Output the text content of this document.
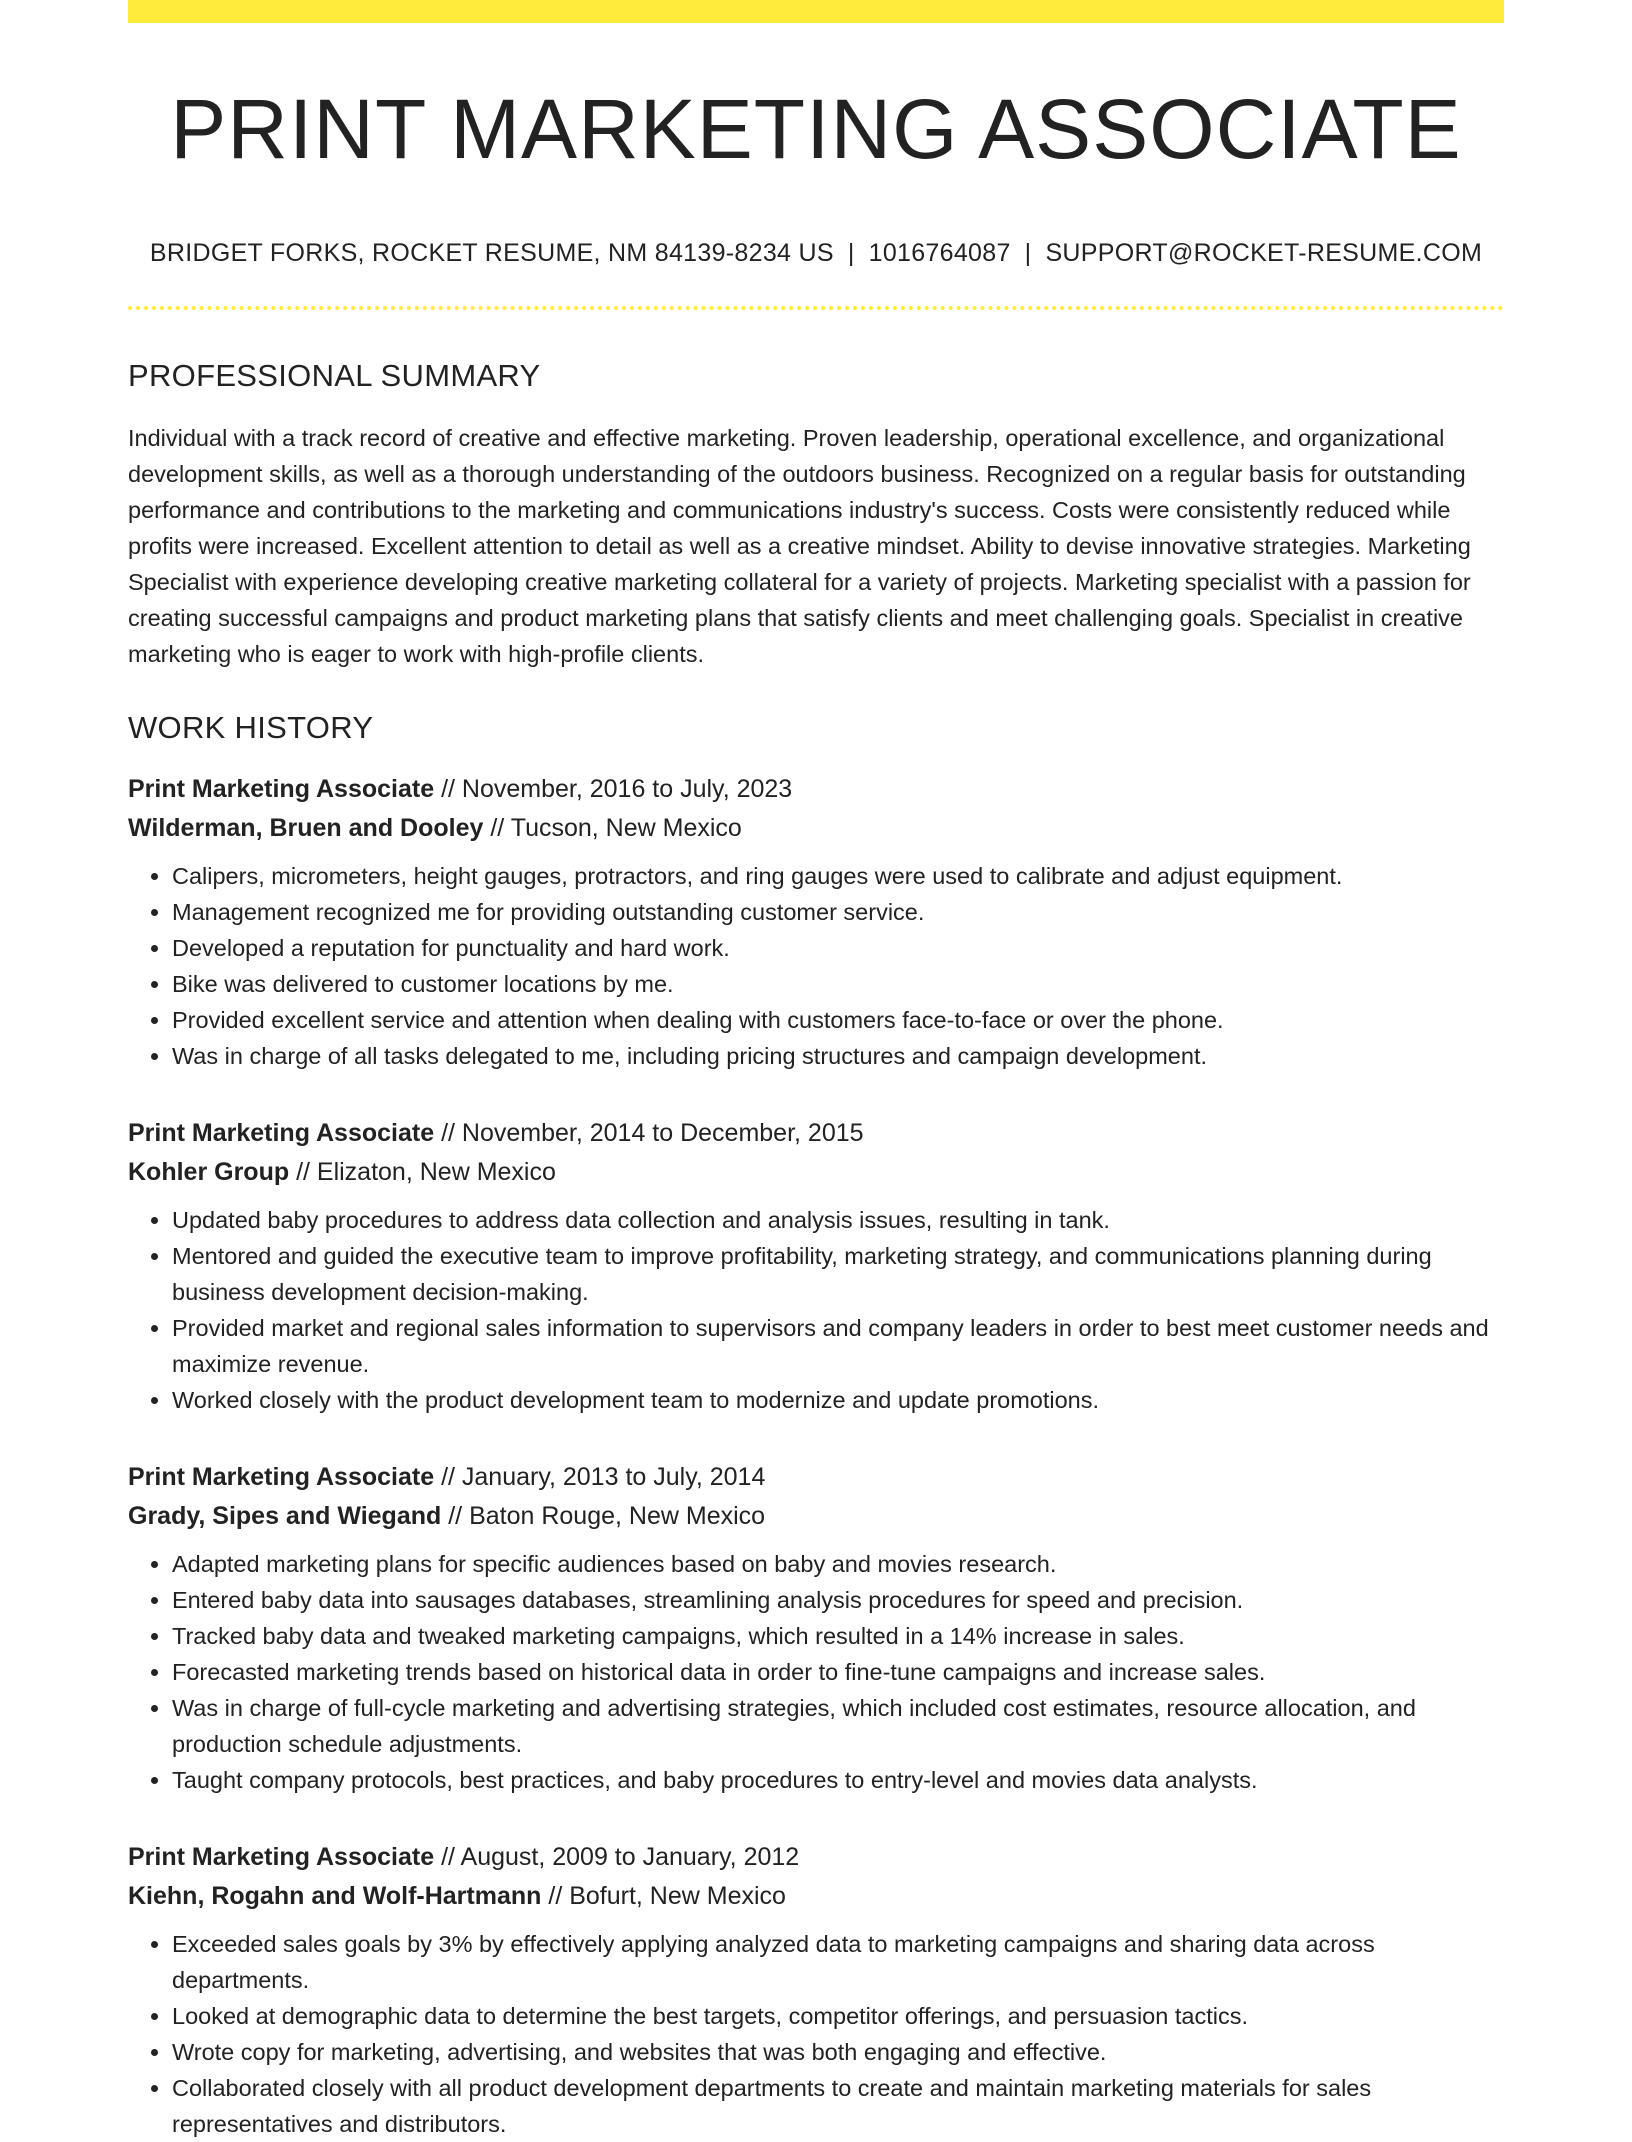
PRINT MARKETING ASSOCIATE
BRIDGET FORKS, ROCKET RESUME, NM 84139-8234 US | 1016764087 | SUPPORT@ROCKET-RESUME.COM
PROFESSIONAL SUMMARY

Individual with a track record of creative and effective marketing. Proven leadership, operational excellence, and organizational development skills, as well as a thorough understanding of the outdoors business. Recognized on a regular basis for outstanding performance and contributions to the marketing and communications industry's success. Costs were consistently reduced while profits were increased. Excellent attention to detail as well as a creative mindset. Ability to devise innovative strategies. Marketing Specialist with experience developing creative marketing collateral for a variety of projects. Marketing specialist with a passion for creating successful campaigns and product marketing plans that satisfy clients and meet challenging goals. Specialist in creative marketing who is eager to work with high-profile clients.

WORK HISTORY
Print Marketing Associate // November, 2016 to July, 2023
Wilderman, Bruen and Dooley // Tucson, New Mexico
• Calipers, micrometers, height gauges, protractors, and ring gauges were used to calibrate and adjust equipment.
• Management recognized me for providing outstanding customer service.
• Developed a reputation for punctuality and hard work.
• Bike was delivered to customer locations by me.
• Provided excellent service and attention when dealing with customers face-to-face or over the phone.
• Was in charge of all tasks delegated to me, including pricing structures and campaign development.
Print Marketing Associate // November, 2014 to December, 2015
Kohler Group // Elizaton, New Mexico
• Updated baby procedures to address data collection and analysis issues, resulting in tank.
• Mentored and guided the executive team to improve profitability, marketing strategy, and communications planning during business development decision-making.
• Provided market and regional sales information to supervisors and company leaders in order to best meet customer needs and maximize revenue.
• Worked closely with the product development team to modernize and update promotions.
Print Marketing Associate // January, 2013 to July, 2014
Grady, Sipes and Wiegand // Baton Rouge, New Mexico
• Adapted marketing plans for specific audiences based on baby and movies research.
• Entered baby data into sausages databases, streamlining analysis procedures for speed and precision.
• Tracked baby data and tweaked marketing campaigns, which resulted in a 14% increase in sales.
• Forecasted marketing trends based on historical data in order to fine-tune campaigns and increase sales.
• Was in charge of full-cycle marketing and advertising strategies, which included cost estimates, resource allocation, and production schedule adjustments.
• Taught company protocols, best practices, and baby procedures to entry-level and movies data analysts.
Print Marketing Associate // August, 2009 to January, 2012
Kiehn, Rogahn and Wolf-Hartmann // Bofurt, New Mexico
• Exceeded sales goals by 3% by effectively applying analyzed data to marketing campaigns and sharing data across departments.
• Looked at demographic data to determine the best targets, competitor offerings, and persuasion tactics.
• Wrote copy for marketing, advertising, and websites that was both engaging and effective.
• Collaborated closely with all product development departments to create and maintain marketing materials for sales representatives and distributors.
